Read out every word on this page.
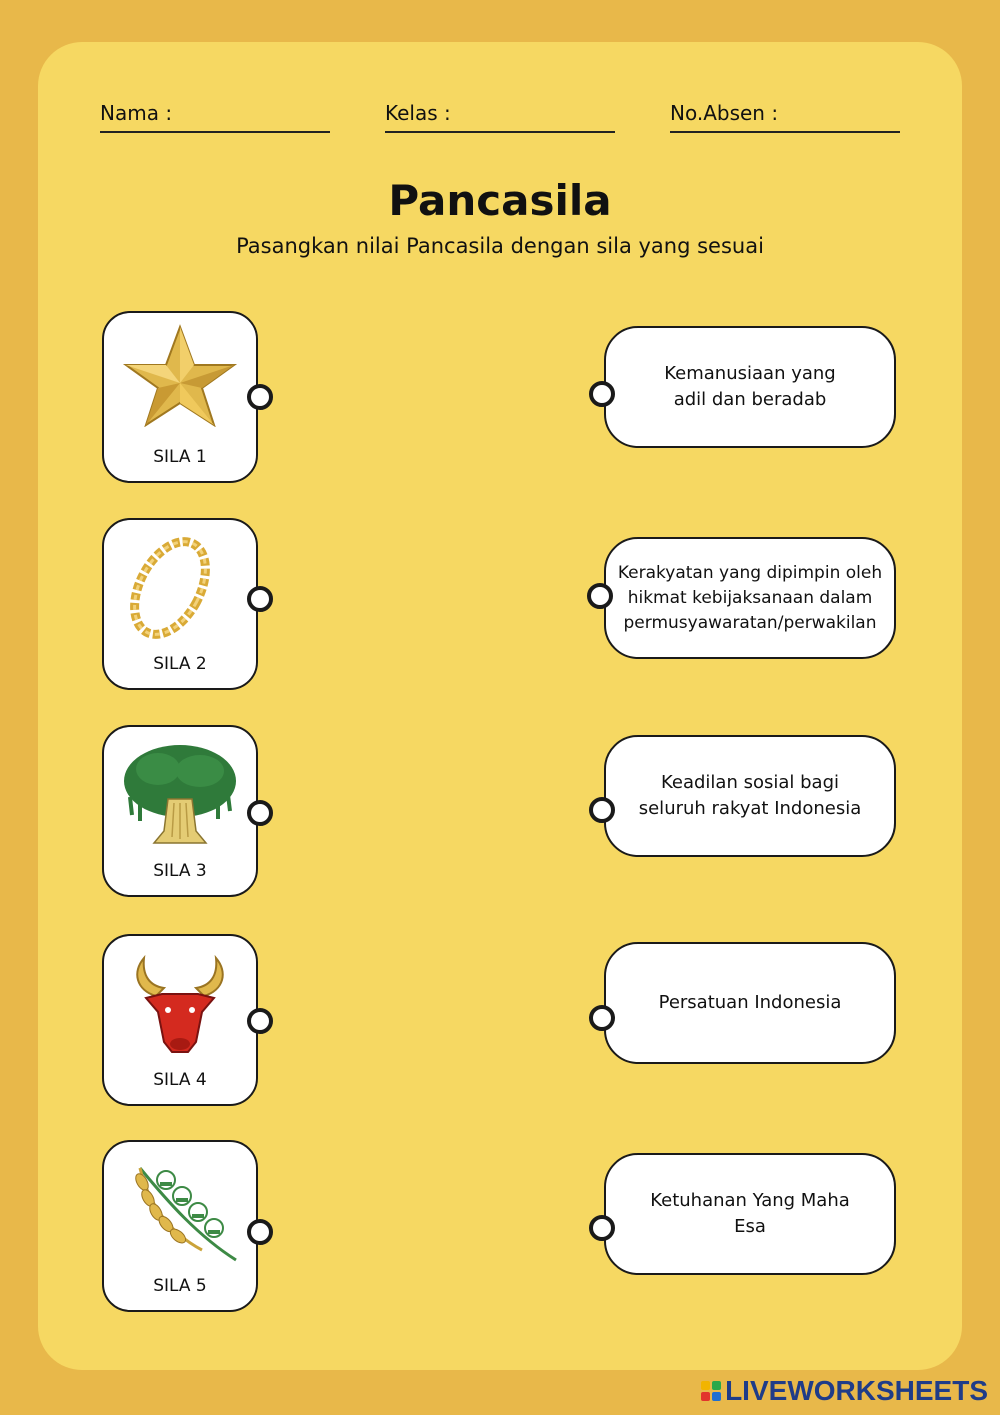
Nama :	Kelas :	No.Absen :
Pancasila
Pasangkan nilai Pancasila dengan sila yang sesuai
SILA 1
SILA 2
SILA 3
SILA 4
SILA 5
Kemanusiaan yang adil dan beradab
Kerakyatan yang dipimpin oleh hikmat kebijaksanaan dalam permusyawaratan/perwakilan
Keadilan sosial bagi seluruh rakyat Indonesia
Persatuan Indonesia
Ketuhanan Yang Maha Esa
LIVEWORKSHEETS
